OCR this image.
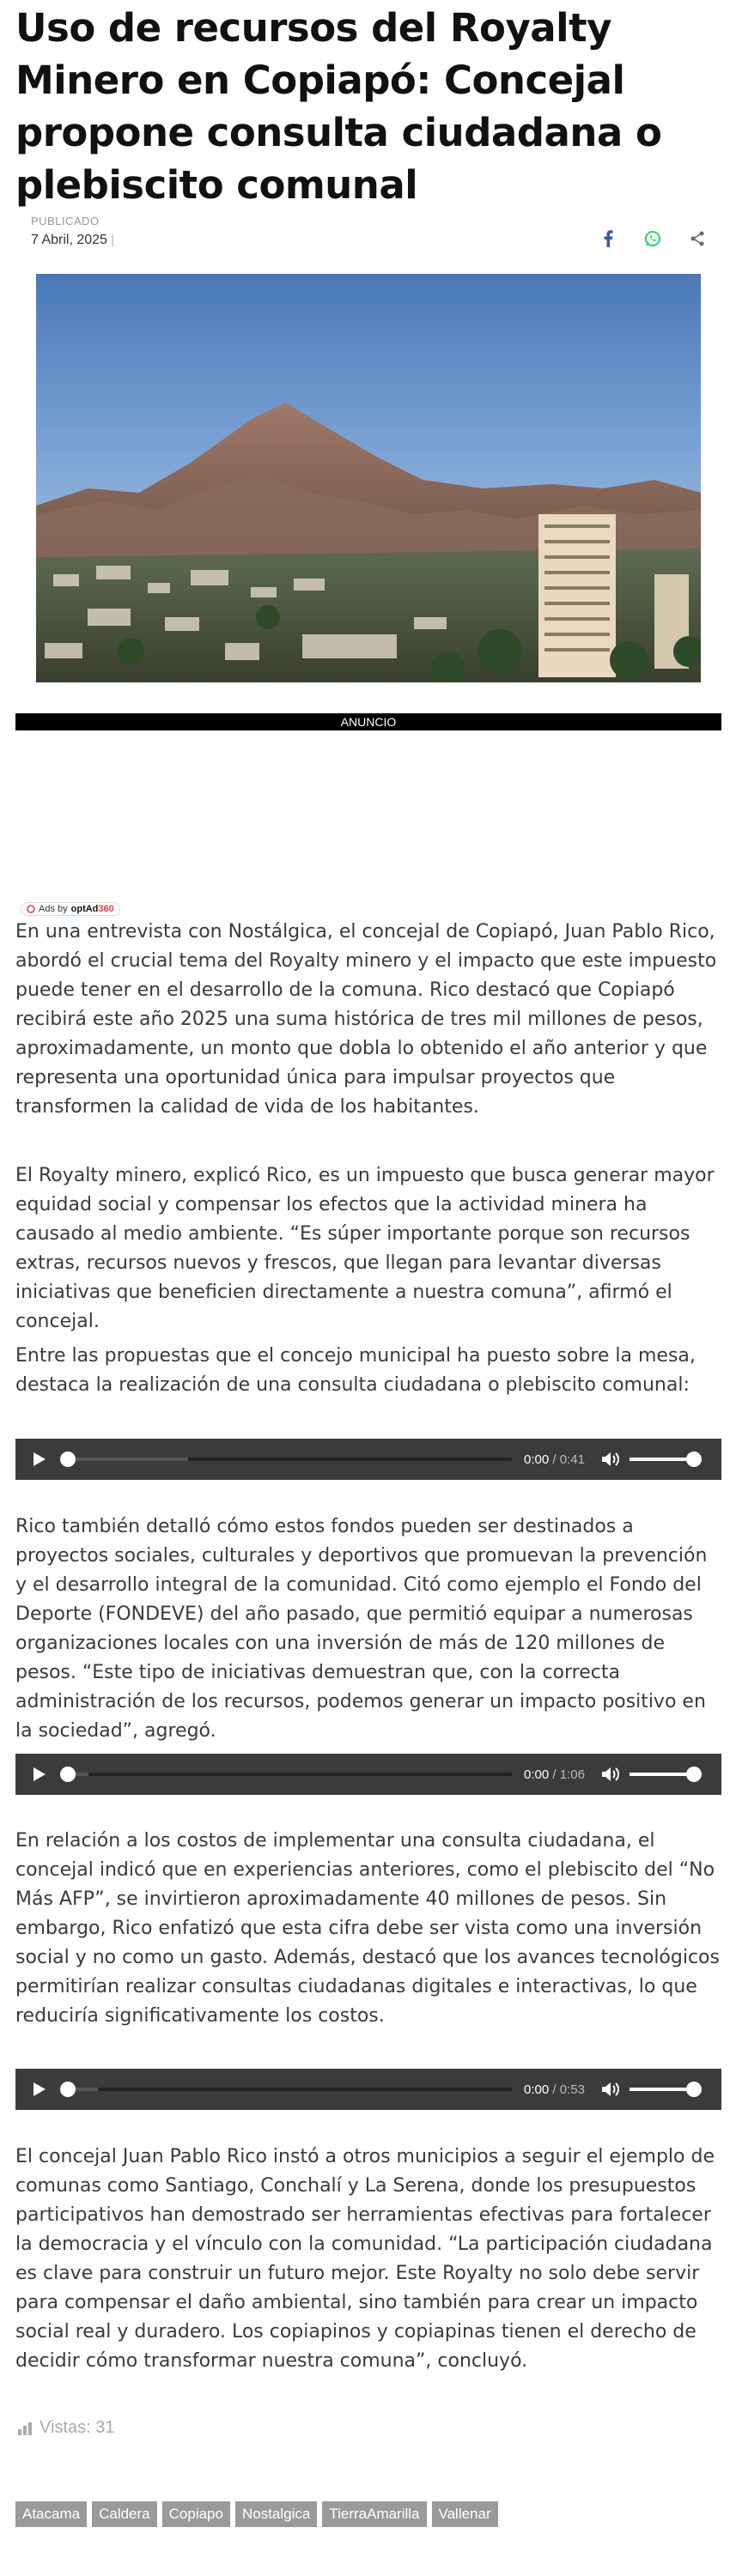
Uso de recursos del Royalty Minero en Copiapó: Concejal propone consulta ciudadana o plebiscito comunal
PUBLICADO
7 Abril, 2025 |
ANUNCIO
Ads by optAd360

En una entrevista con Nostálgica, el concejal de Copiapó, Juan Pablo Rico, abordó el crucial tema del Royalty minero y el impacto que este impuesto puede tener en el desarrollo de la comuna. Rico destacó que Copiapó recibirá este año 2025 una suma histórica de tres mil millones de pesos, aproximadamente, un monto que dobla lo obtenido el año anterior y que representa una oportunidad única para impulsar proyectos que transformen la calidad de vida de los habitantes.

El Royalty minero, explicó Rico, es un impuesto que busca generar mayor equidad social y compensar los efectos que la actividad minera ha causado al medio ambiente. “Es súper importante porque son recursos extras, recursos nuevos y frescos, que llegan para levantar diversas iniciativas que beneficien directamente a nuestra comuna”, afirmó el concejal.

Entre las propuestas que el concejo municipal ha puesto sobre la mesa, destaca la realización de una consulta ciudadana o plebiscito comunal:

0:00 / 0:41

Rico también detalló cómo estos fondos pueden ser destinados a proyectos sociales, culturales y deportivos que promuevan la prevención y el desarrollo integral de la comunidad. Citó como ejemplo el Fondo del Deporte (FONDEVE) del año pasado, que permitió equipar a numerosas organizaciones locales con una inversión de más de 120 millones de pesos. “Este tipo de iniciativas demuestran que, con la correcta administración de los recursos, podemos generar un impacto positivo en la sociedad”, agregó.

0:00 / 1:06

En relación a los costos de implementar una consulta ciudadana, el concejal indicó que en experiencias anteriores, como el plebiscito del “No Más AFP”, se invirtieron aproximadamente 40 millones de pesos. Sin embargo, Rico enfatizó que esta cifra debe ser vista como una inversión social y no como un gasto. Además, destacó que los avances tecnológicos permitirían realizar consultas ciudadanas digitales e interactivas, lo que reduciría significativamente los costos.

0:00 / 0:53

El concejal Juan Pablo Rico instó a otros municipios a seguir el ejemplo de comunas como Santiago, Conchalí y La Serena, donde los presupuestos participativos han demostrado ser herramientas efectivas para fortalecer la democracia y el vínculo con la comunidad. “La participación ciudadana es clave para construir un futuro mejor. Este Royalty no solo debe servir para compensar el daño ambiental, sino también para crear un impacto social real y duradero. Los copiapinos y copiapinas tienen el derecho de decidir cómo transformar nuestra comuna”, concluyó.

Vistas: 31
Atacama	Caldera	Copiapo	Nostalgica	TierraAmarilla	Vallenar
